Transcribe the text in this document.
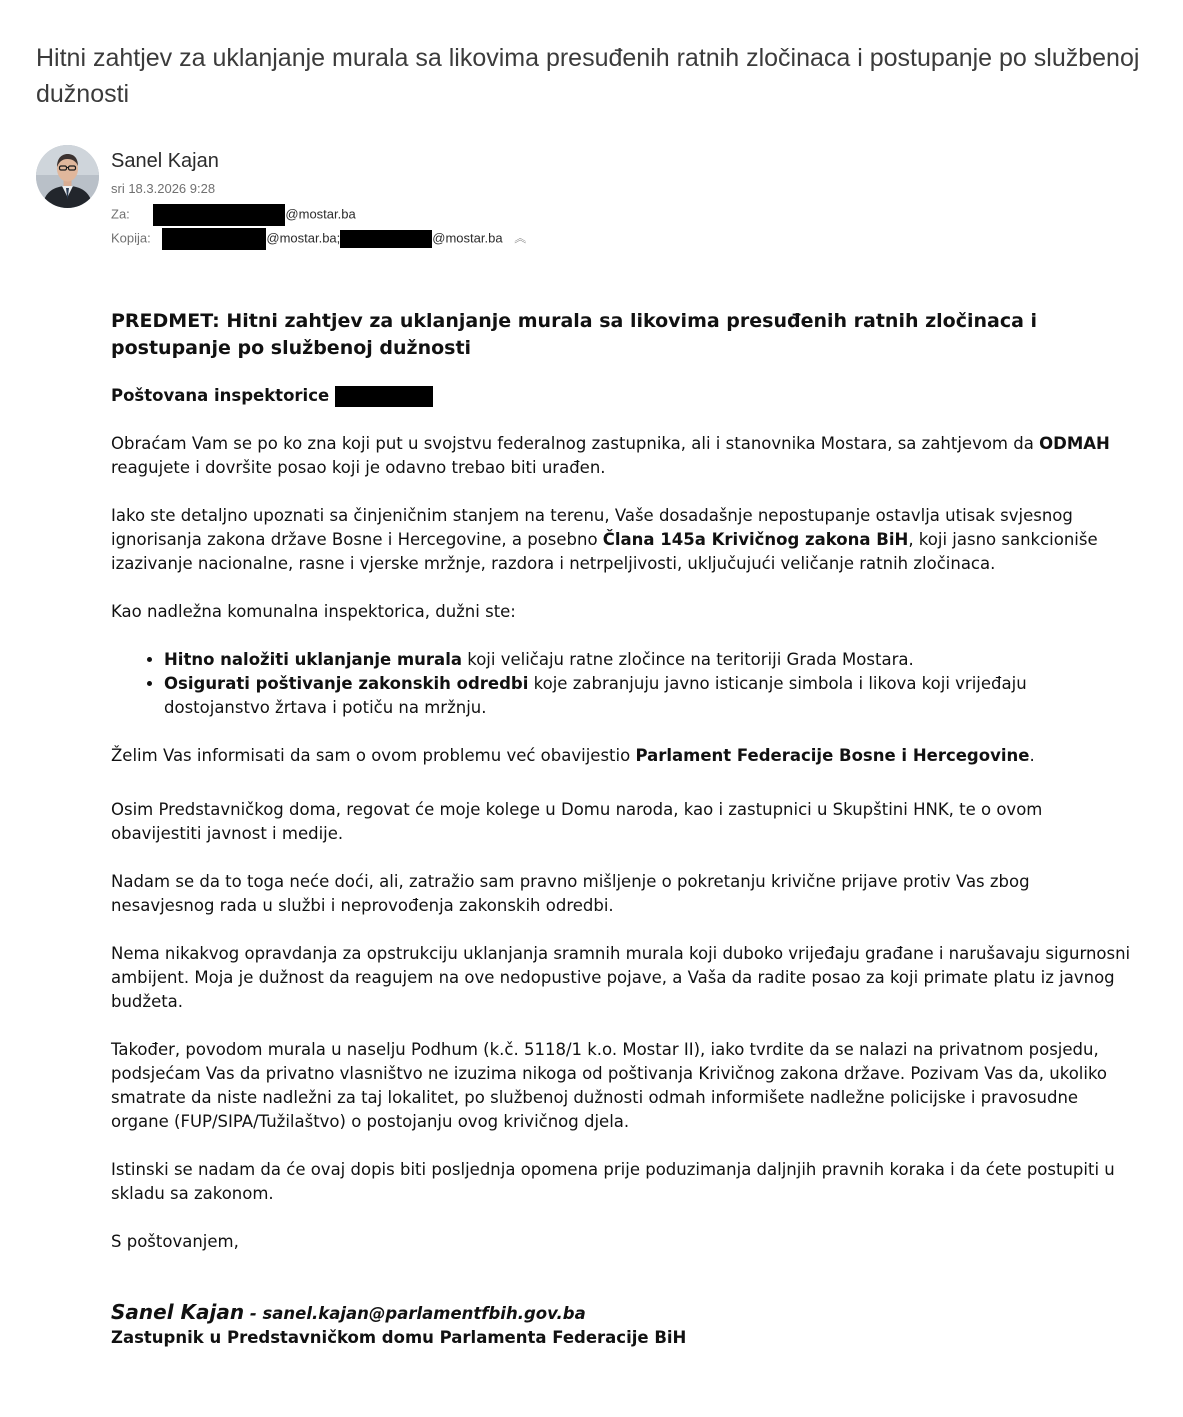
Hitni zahtjev za uklanjanje murala sa likovima presuđenih ratnih zločinaca i postupanje po službenoj dužnosti
Sanel Kajan
sri 18.3.2026 9:28
Za:	@mostar.ba
Kopija:	@mostar.ba;	@mostar.ba ︽

PREDMET: Hitni zahtjev za uklanjanje murala sa likovima presuđenih ratnih zločinaca i postupanje po službenoj dužnosti

Poštovana inspektorice

Obraćam Vam se po ko zna koji put u svojstvu federalnog zastupnika, ali i stanovnika Mostara, sa zahtjevom da ODMAH reagujete i dovršite posao koji je odavno trebao biti urađen.

Iako ste detaljno upoznati sa činjeničnim stanjem na terenu, Vaše dosadašnje nepostupanje ostavlja utisak svjesnog ignorisanja zakona države Bosne i Hercegovine, a posebno Člana 145a Krivičnog zakona BiH, koji jasno sankcioniše izazivanje nacionalne, rasne i vjerske mržnje, razdora i netrpeljivosti, uključujući veličanje ratnih zločinaca.

Kao nadležna komunalna inspektorica, dužni ste:

• Hitno naložiti uklanjanje murala koji veličaju ratne zločince na teritoriji Grada Mostara.
• Osigurati poštivanje zakonskih odredbi koje zabranjuju javno isticanje simbola i likova koji vrijeđaju dostojanstvo žrtava i potiču na mržnju.

Želim Vas informisati da sam o ovom problemu već obavijestio Parlament Federacije Bosne i Hercegovine.

Osim Predstavničkog doma, regovat će moje kolege u Domu naroda, kao i zastupnici u Skupštini HNK, te o ovom obavijestiti javnost i medije.

Nadam se da to toga neće doći, ali, zatražio sam pravno mišljenje o pokretanju krivične prijave protiv Vas zbog nesavjesnog rada u službi i neprovođenja zakonskih odredbi.

Nema nikakvog opravdanja za opstrukciju uklanjanja sramnih murala koji duboko vrijeđaju građane i narušavaju sigurnosni ambijent. Moja je dužnost da reagujem na ove nedopustive pojave, a Vaša da radite posao za koji primate platu iz javnog budžeta.

Također, povodom murala u naselju Podhum (k.č. 5118/1 k.o. Mostar II), iako tvrdite da se nalazi na privatnom posjedu, podsjećam Vas da privatno vlasništvo ne izuzima nikoga od poštivanja Krivičnog zakona države. Pozivam Vas da, ukoliko smatrate da niste nadležni za taj lokalitet, po službenoj dužnosti odmah informišete nadležne policijske i pravosudne organe (FUP/SIPA/Tužilaštvo) o postojanju ovog krivičnog djela.

Istinski se nadam da će ovaj dopis biti posljednja opomena prije poduzimanja daljnjih pravnih koraka i da ćete postupiti u skladu sa zakonom.

S poštovanjem,

Sanel Kajan - sanel.kajan@parlamentfbih.gov.ba

Zastupnik u Predstavničkom domu Parlamenta Federacije BiH
